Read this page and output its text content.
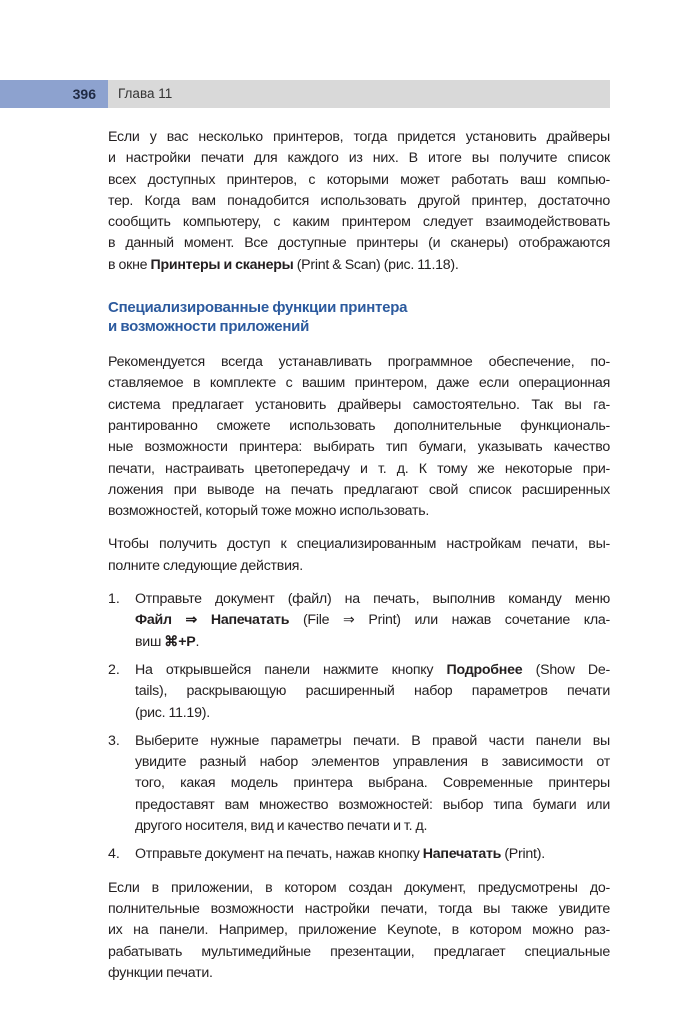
396 Глава 11
Если у вас несколько принтеров, тогда придется установить драйверы
и настройки печати для каждого из них. В итоге вы получите список
всех доступных принтеров, с которыми может работать ваш компью-
тер. Когда вам понадобится использовать другой принтер, достаточно
сообщить компьютеру, с каким принтером следует взаимодействовать
в данный момент. Все доступные принтеры (и сканеры) отображаются
в окне Принтеры и сканеры (Print & Scan) (рис. 11.18).
Специализированные функции принтера
и возможности приложений
Рекомендуется всегда устанавливать программное обеспечение, по-
ставляемое в комплекте с вашим принтером, даже если операционная
система предлагает установить драйверы самостоятельно. Так вы га-
рантированно сможете использовать дополнительные функциональ-
ные возможности принтера: выбирать тип бумаги, указывать качество
печати, настраивать цветопередачу и т. д. К тому же некоторые при-
ложения при выводе на печать предлагают свой список расширенных
возможностей, который тоже можно использовать.
Чтобы получить доступ к специализированным настройкам печати, вы-
полните следующие действия.
1. Отправьте документ (файл) на печать, выполнив команду меню
Файл ⇒ Напечатать (File ⇒ Print) или нажав сочетание кла-
виш ⌘+P.
2. На открывшейся панели нажмите кнопку Подробнее (Show De-
tails), раскрывающую расширенный набор параметров печати
(рис. 11.19).
3. Выберите нужные параметры печати. В правой части панели вы
увидите разный набор элементов управления в зависимости от
того, какая модель принтера выбрана. Современные принтеры
предоставят вам множество возможностей: выбор типа бумаги или
другого носителя, вид и качество печати и т. д.
4. Отправьте документ на печать, нажав кнопку Напечатать (Print).
Если в приложении, в котором создан документ, предусмотрены до-
полнительные возможности настройки печати, тогда вы также увидите
их на панели. Например, приложение Keynote, в котором можно раз-
рабатывать мультимедийные презентации, предлагает специальные
функции печати.
